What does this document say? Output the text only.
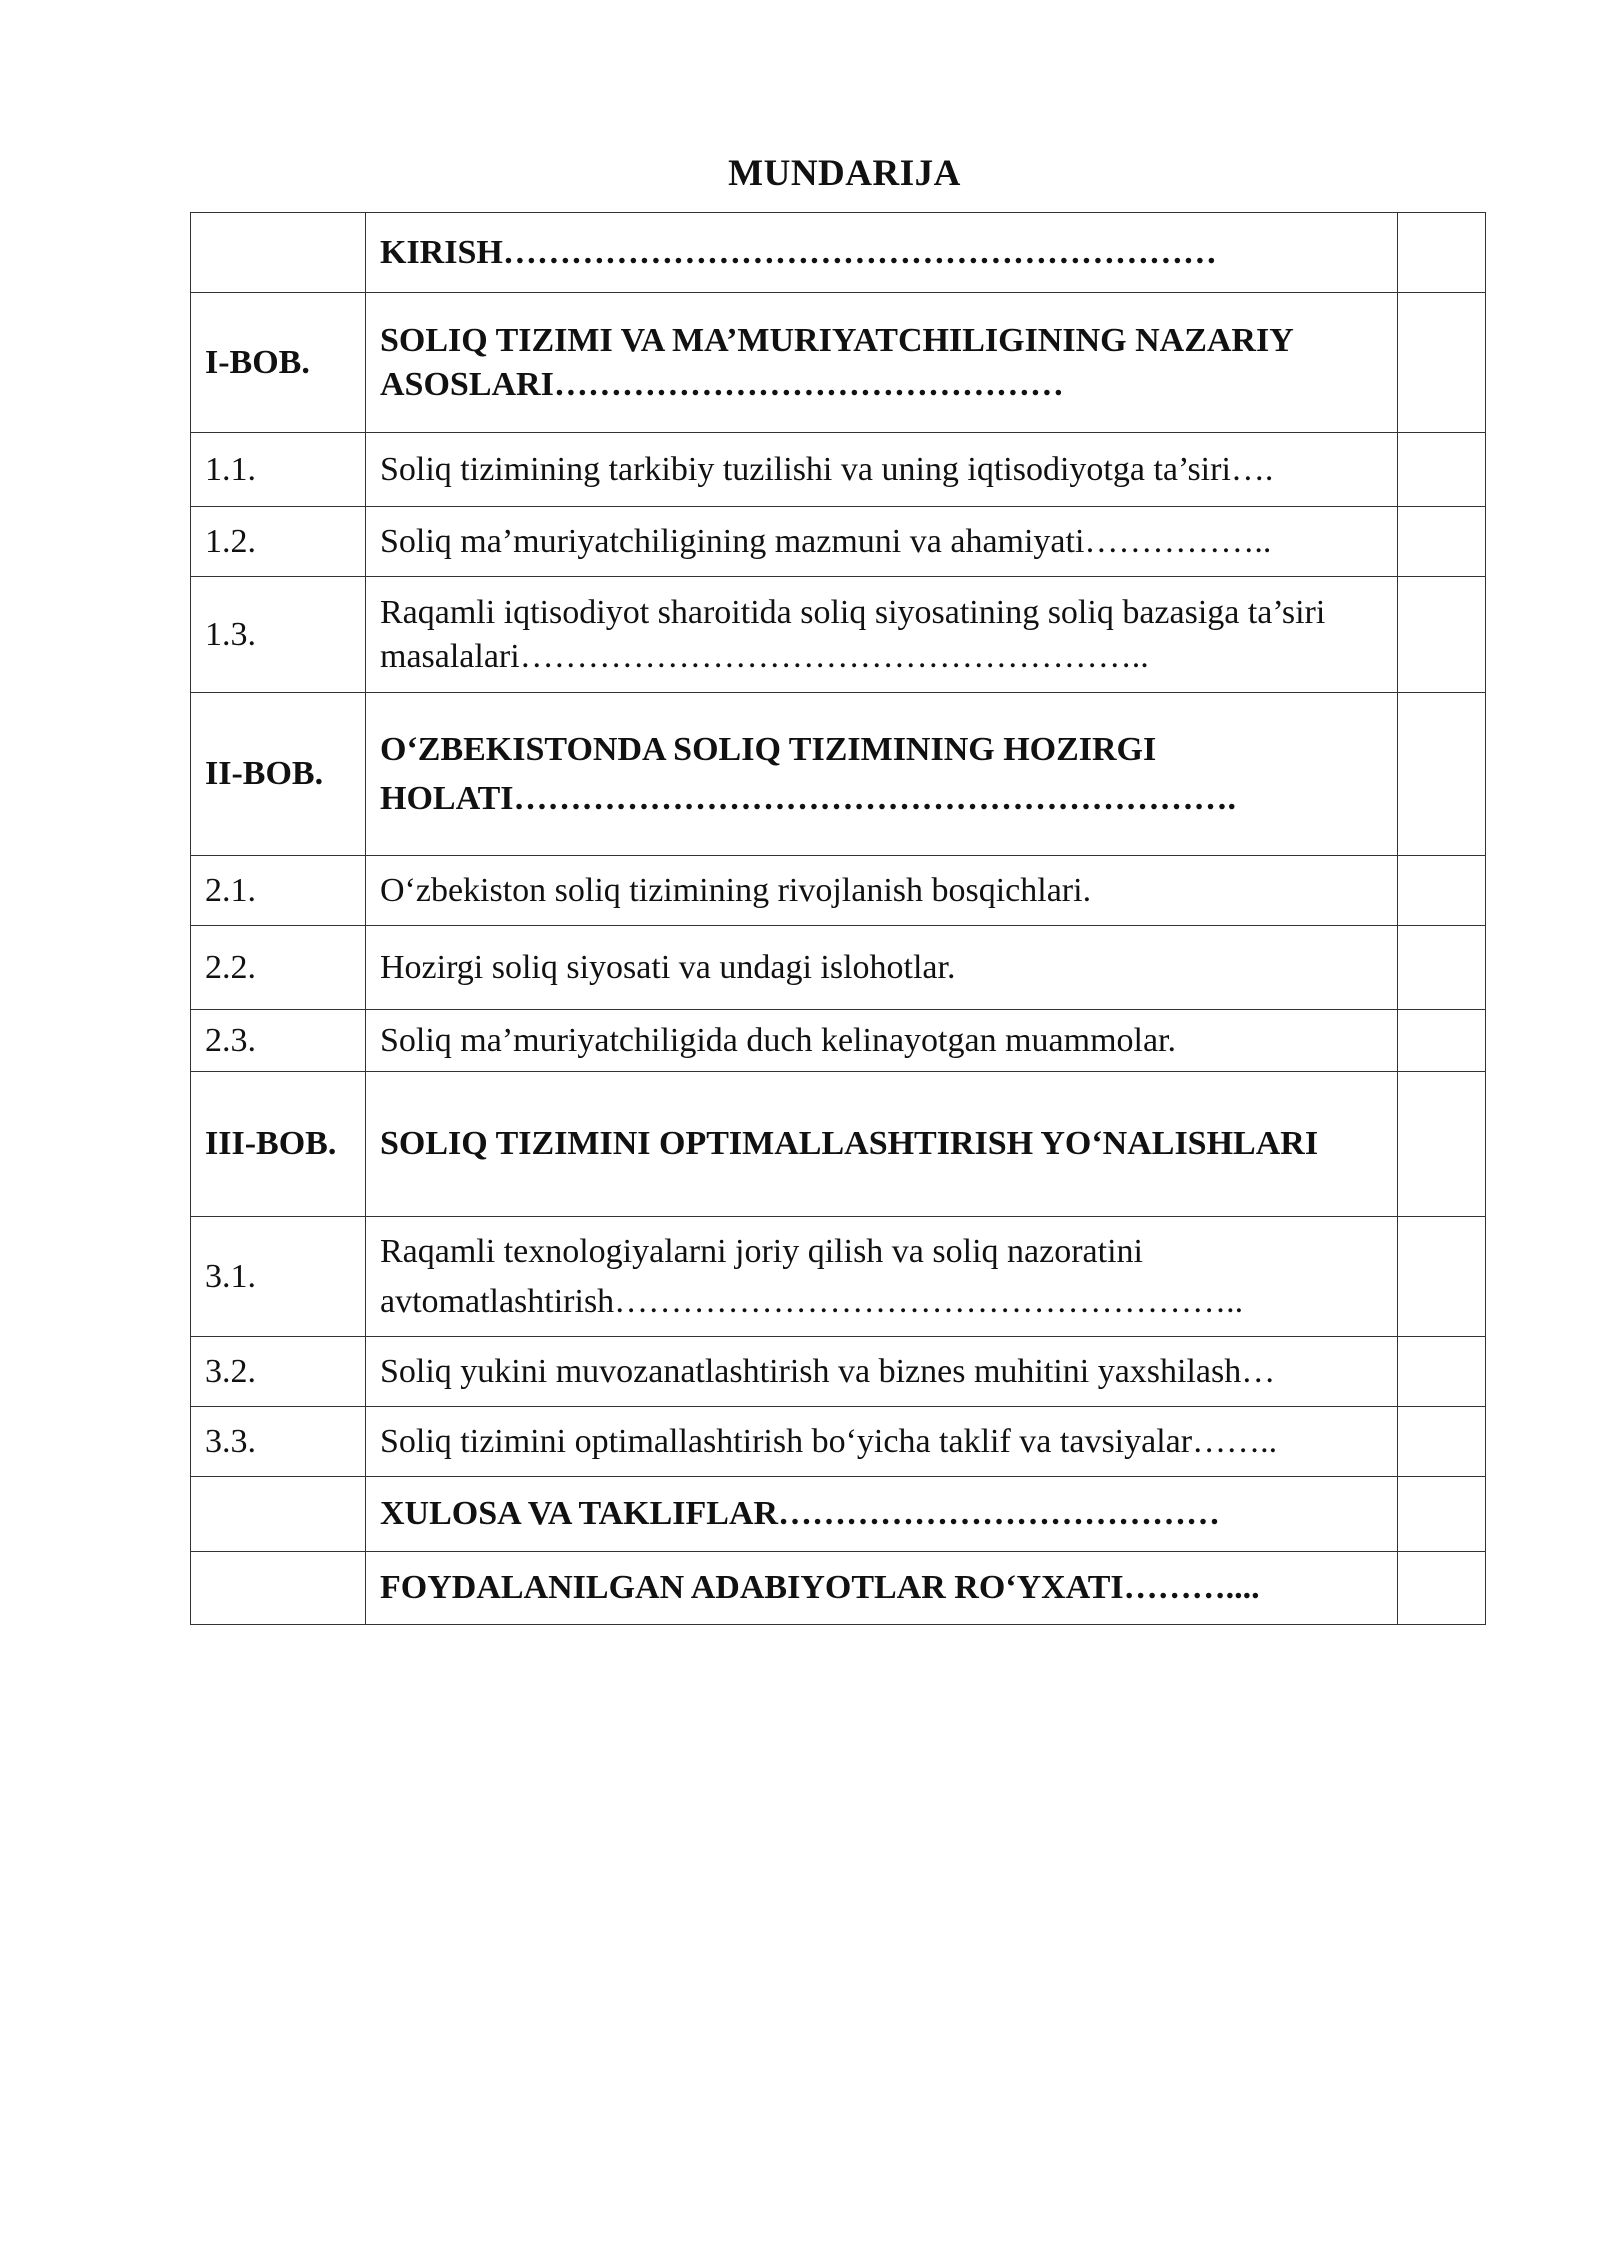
MUNDARIJA
	KIRISH………………………………………………………	
I-BOB.	SOLIQ TIZIMI VA MA’MURIYATCHILIGINING NAZARIY ASOSLARI………………………………………	
1.1.	Soliq tizimining tarkibiy tuzilishi va uning iqtisodiyotga ta’siri….	
1.2.	Soliq ma’muriyatchiligining mazmuni va ahamiyati……………..	
1.3.	Raqamli iqtisodiyot sharoitida soliq siyosatining soliq bazasiga ta’siri masalalari………………………………………………..	
II-BOB.	O‘ZBEKISTONDA SOLIQ TIZIMINING HOZIRGI HOLATI……………………………………………………….	
2.1.	O‘zbekiston soliq tizimining rivojlanish bosqichlari.	
2.2.	Hozirgi soliq siyosati va undagi islohotlar.	
2.3.	Soliq ma’muriyatchiligida duch kelinayotgan muammolar.	
III-BOB.	SOLIQ TIZIMINI OPTIMALLASHTIRISH YO‘NALISHLARI	
3.1.	Raqamli texnologiyalarni joriy qilish va soliq nazoratini avtomatlashtirish………………………………………………..	
3.2.	Soliq yukini muvozanatlashtirish va biznes muhitini yaxshilash…	
3.3.	Soliq tizimini optimallashtirish bo‘yicha taklif va tavsiyalar……..	
	XULOSA VA TAKLIFLAR…………………………………	
	FOYDALANILGAN ADABIYOTLAR RO‘YXATI………....	
